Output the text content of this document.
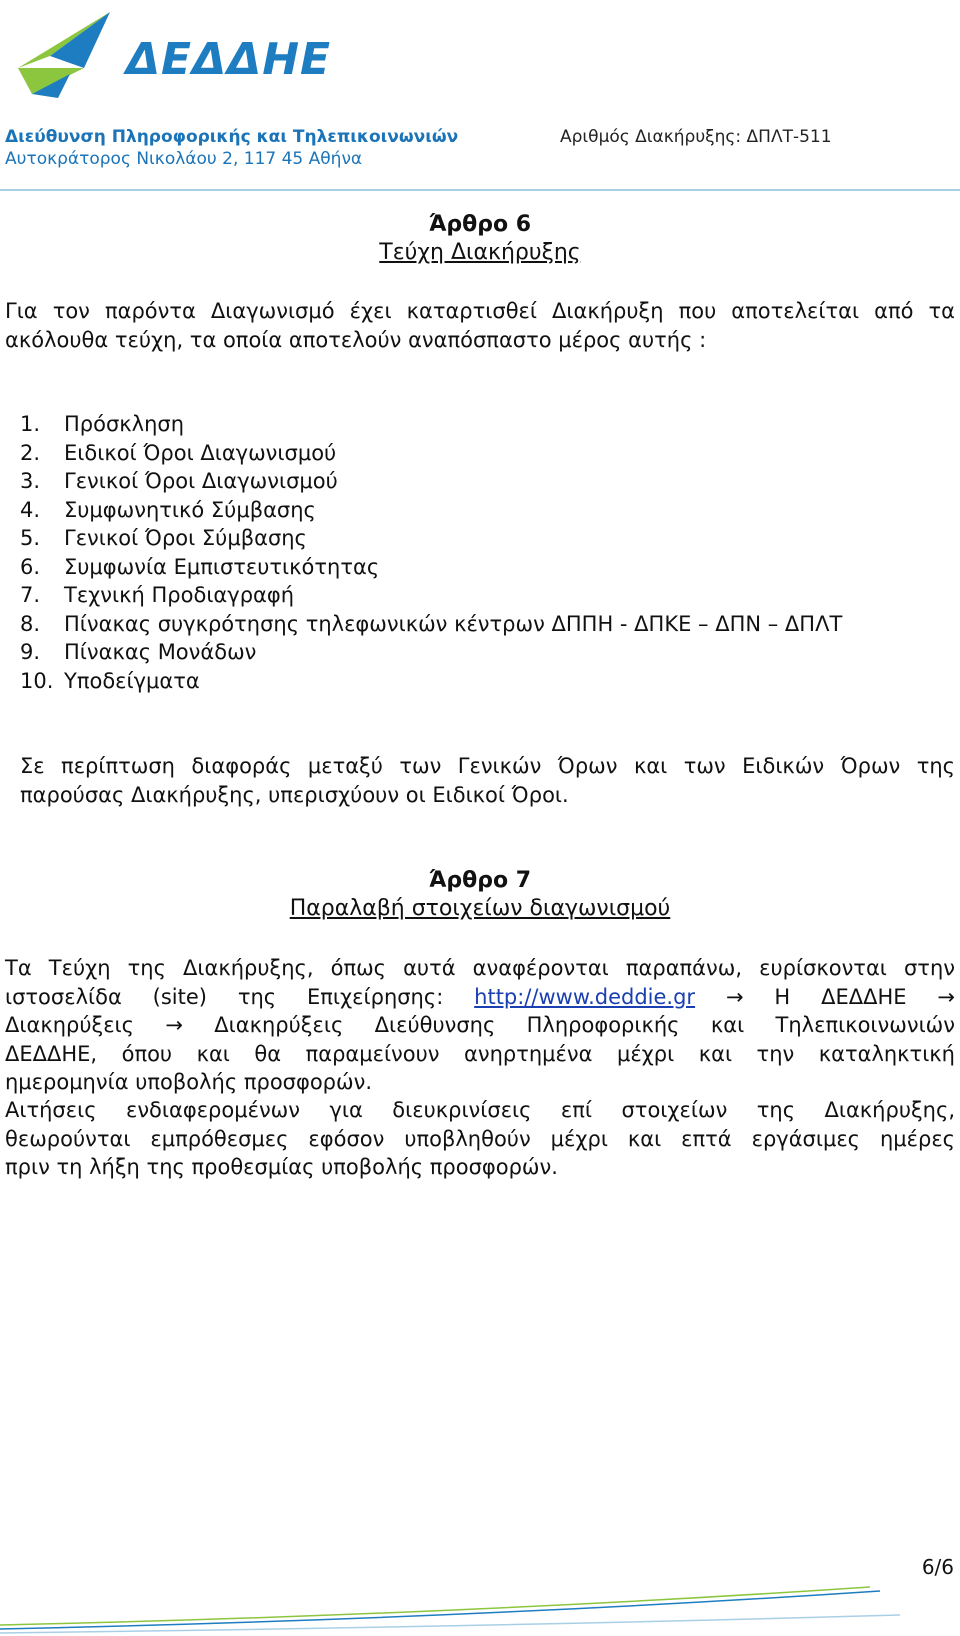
ΔΕΔΔΗΕ
Διεύθυνση Πληροφορικής και Τηλεπικοινωνιών
Αυτοκράτορος Νικολάου 2, 117 45 Αθήνα
Αριθμός Διακήρυξης: ΔΠΛΤ-511
Άρθρο 6
Τεύχη Διακήρυξης
Για τον παρόντα Διαγωνισμό έχει καταρτισθεί Διακήρυξη που αποτελείται από τα
ακόλουθα τεύχη, τα οποία αποτελούν αναπόσπαστο μέρος αυτής :
1.	Πρόσκληση
2.	Ειδικοί Όροι Διαγωνισμού
3.	Γενικοί Όροι Διαγωνισμού
4.	Συμφωνητικό Σύμβασης
5.	Γενικοί Όροι Σύμβασης
6.	Συμφωνία Εμπιστευτικότητας
7.	Τεχνική Προδιαγραφή
8.	Πίνακας συγκρότησης τηλεφωνικών κέντρων ΔΠΠΗ - ΔΠΚΕ – ΔΠΝ – ΔΠΛΤ
9.	Πίνακας Μονάδων
10. Υποδείγματα
Σε περίπτωση διαφοράς μεταξύ των Γενικών Όρων και των Ειδικών Όρων της
παρούσας Διακήρυξης, υπερισχύουν οι Ειδικοί Όροι.
Άρθρο 7
Παραλαβή στοιχείων διαγωνισμού
Τα Τεύχη της Διακήρυξης, όπως αυτά αναφέρονται παραπάνω, ευρίσκονται στην
ιστοσελίδα (site) της Επιχείρησης: http://www.deddie.gr → Η ΔΕΔΔΗΕ →
Διακηρύξεις → Διακηρύξεις Διεύθυνσης Πληροφορικής και Τηλεπικοινωνιών
ΔΕΔΔΗΕ, όπου και θα παραμείνουν ανηρτημένα μέχρι και την καταληκτική
ημερομηνία υποβολής προσφορών.
Αιτήσεις ενδιαφερομένων για διευκρινίσεις επί στοιχείων της Διακήρυξης,
θεωρούνται εμπρόθεσμες εφόσον υποβληθούν μέχρι και επτά εργάσιμες ημέρες
πριν τη λήξη της προθεσμίας υποβολής προσφορών.
6/6
